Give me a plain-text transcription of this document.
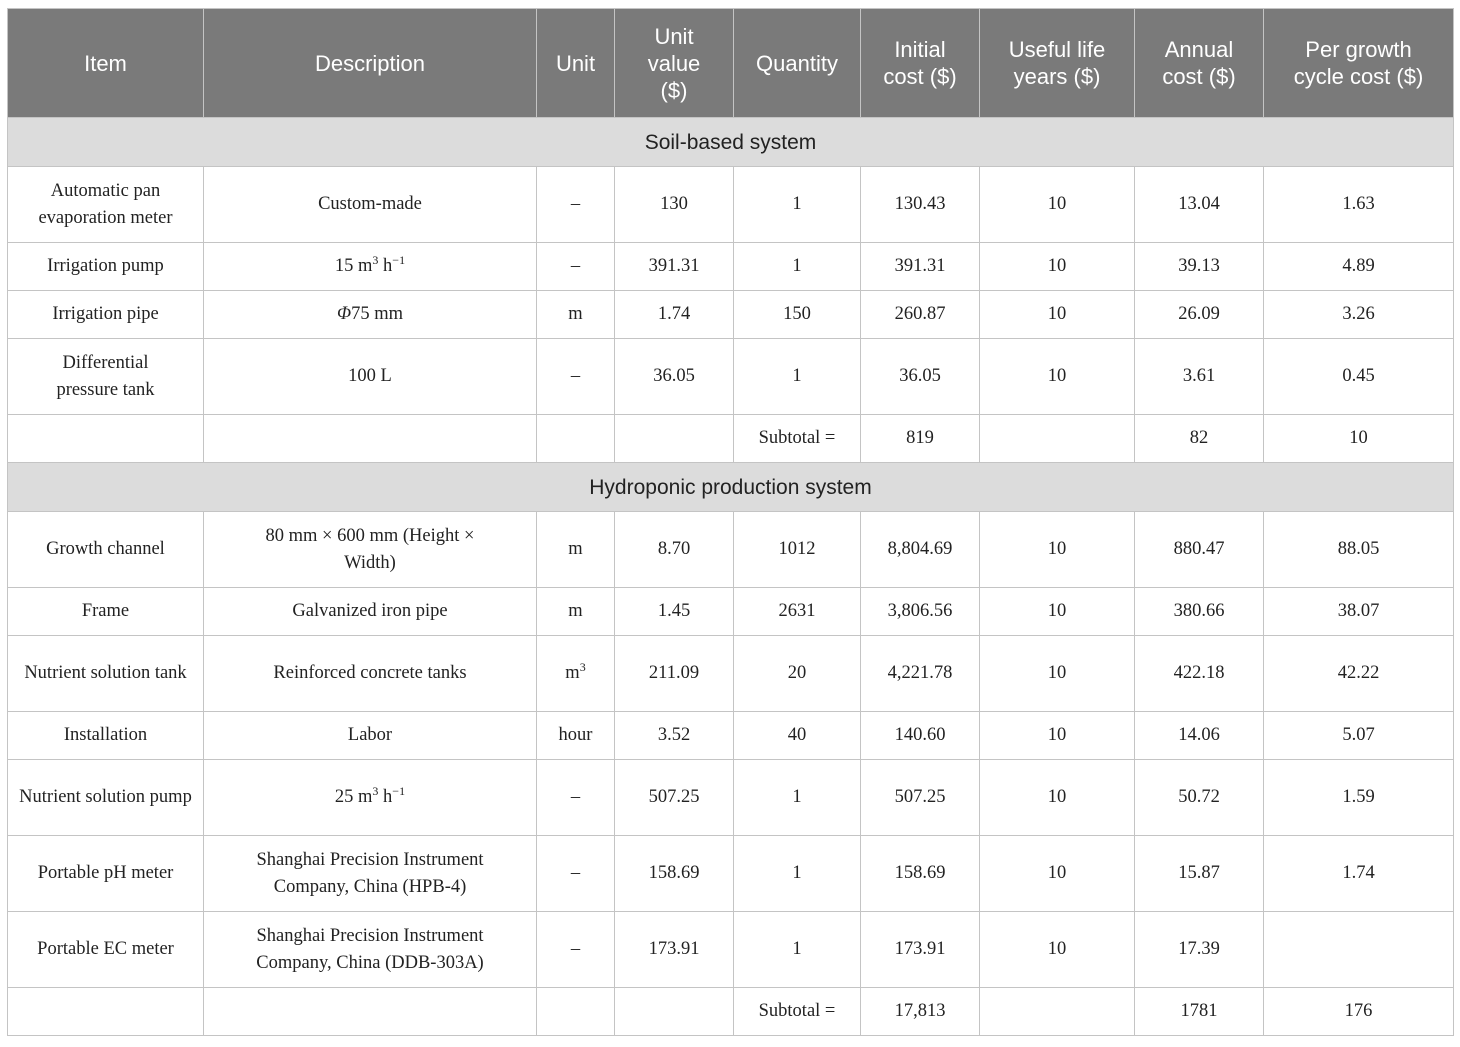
Item	Description	Unit	Unit value ($)	Quantity	Initial cost ($)	Useful life years ($)	Annual cost ($)	Per growth cycle cost ($)
Soil-based system								
Automatic pan evaporation meter	Custom-made	–	130	1	130.43	10	13.04	1.63
Irrigation pump	15 $m^3$ $h^{-1}$	–	391.31	1	391.31	10	39.13	4.89
Irrigation pipe	Φ75 mm	m	1.74	150	260.87	10	26.09	3.26
Differential pressure tank	100 L	–	36.05	1	36.05	10	3.61	0.45
				Subtotal =	819		82	10
Hydroponic production system								
Growth channel	80 mm × 600 mm (Height × Width)	m	8.70	1012	8,804.69	10	880.47	88.05
Frame	Galvanized iron pipe	m	1.45	2631	3,806.56	10	380.66	38.07
Nutrient solution tank	Reinforced concrete tanks	$m^3$	211.09	20	4,221.78	10	422.18	42.22
Installation	Labor	hour	3.52	40	140.60	10	14.06	5.07
Nutrient solution pump	25 $m^3$ $h^{-1}$	–	507.25	1	507.25	10	50.72	1.59
Portable pH meter	Shanghai Precision Instrument Company, China (HPB-4)	–	158.69	1	158.69	10	15.87	1.74
Portable EC meter	Shanghai Precision Instrument Company, China (DDB-303A)	–	173.91	1	173.91	10	17.39	
				Subtotal =	17,813		1781	176
